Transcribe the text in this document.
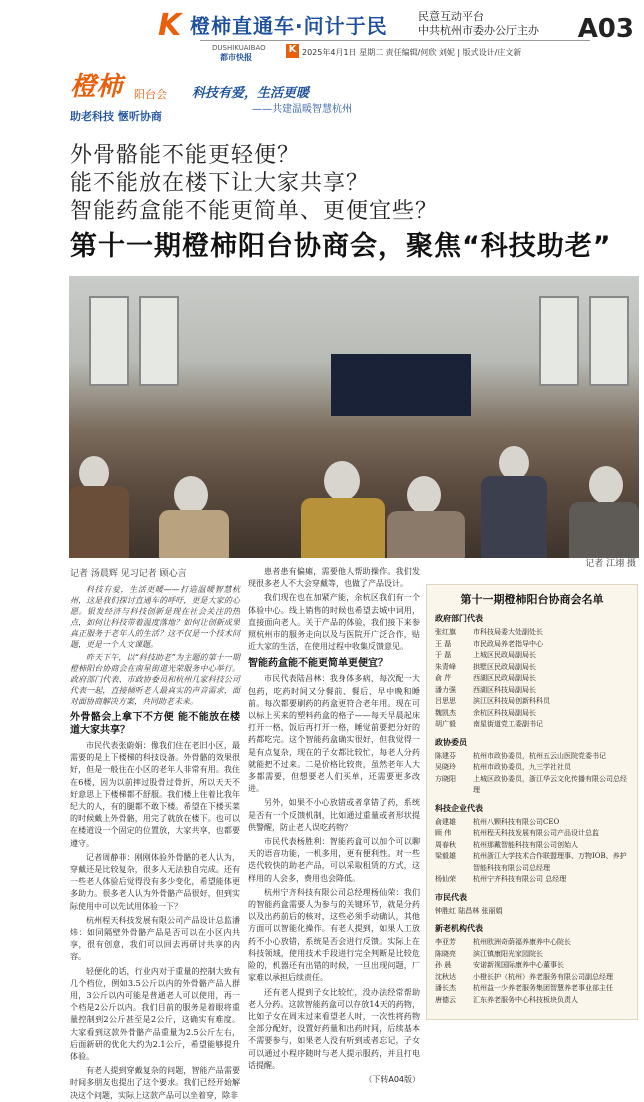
K 橙柿直通车·问计于民	民意互动平台
中共杭州市委办公厅主办 A03
DUSHIKUAIBAO
都市快报
K 2025年4月1日 星期二 责任编辑/何欣 刘妮 | 版式设计/庄文新
橙柿 阳台会
助老科技 愜听协商
科技有爱，生活更暖
——共建温暖智慧杭州
外骨骼能不能更轻便？
能不能放在楼下让大家共享？
智能药盒能不能更简单、更便宜些？
第十一期橙柿阳台协商会，聚焦“科技助老”
记者 汤晨辉 见习记者 顾心言
记者 江翊 摄

科技有爱，生活更暖——打造温暖智慧杭州，这是我们探讨直通车的呼吁，更是大家的心愿。银发经济与科技创新是现在社会关注的热点，如何让科技带着温度落地？如何让创新成果真正服务于老年人的生活？这不仅是一个技术问题，更是一个人文课题。

昨天下午，以“科技助老”为主题的第十一期橙柿阳台协商会在南星街道光荣服务中心举行。政府部门代表、市政协委员和杭州几家科技公司代表一起，直接倾听老人最真实的声音需求，面对面协商解决方案，共同助老未来。

外骨骼会上拿下不方便 能不能放在楼道大家共享？

市民代表张蔚娟：像我们住在老旧小区，最需要的是上下楼梯的科技设备。外骨骼的效果很好，但是一般住在小区的老年人非常有用。我住在6楼，因为以前摔过股骨过骨折，所以天天不好意思上下楼梯都不舒服。我们楼上住着比我年纪大的人，有的腿都不敢下楼。希望在下楼买菜的时候戴上外骨骼，用完了就放在楼下。也可以在楼道设一个固定的位置放，大家共享，也都要遵守。

记者周静菲：刚刚体验外骨骼的老人认为，穿戴还是比较复杂，很多人无法独自完成。还有一些老人体验后觉得没有多少变化，希望能体更多助力。很多老人认为外骨骼产品很好，但到实际使用中可以先试用体验一下？

杭州程天科技发展有限公司产品设计总监潘炜：如同隔壁外骨骼产品是否可以在小区内共享，很有创意，我们可以回去再研讨共享的内容。

轻便化的话，行业内对于重量的控制大致有几个档位，例如3.5公斤以内的外骨骼产品人群用，3公斤以内可能是普通老人可以使用，再一个档是2公斤以内。我们目前的服务是着眼将重量控制到2公斤甚至是2公斤，这确实有难度。大家看到这款外骨骼产品重量为2.5公斤左右，后面新研的优化大约为2.1公斤，希望能够提升体验。

有老人提到穿戴复杂的问题，智能产品需要时间多朋友也提出了这个要求。我们已经开始解决这个问题，实际上这款产品可以坐着穿，除非

患者患有偏瘫，需要他人帮助操作。我们发现很多老人不大会穿戴等，也做了产品设计。

我们现在也在加紧产能，余杭区我们有一个体验中心。线上销售的时候也希望去城中词用，直接面向老人。关于产品的体验，我们接下来参照杭州市的服务走向以及与医院开广泛合作，贴近大家的生活，在使用过程中收集反馈意见。

智能药盒能不能更简单更便宜？

市民代表陆昌林：我身体多病，每次配一大包药，吃药时间又分餐前、餐后、早中晚和睡前。每次都要刷药的药盒更符合老年用。现在可以标上买来的塑料药盒的格子——每天早晨起床打开一格，饭后再打开一格，睡觉前要把分好的药都吃完。这个智能药盒确实很好，但我觉得一是有点复杂，现在的子女都比较忙，每老人分药就能把不过来。二是价格比较贵，虽然老年人大多都需要，但想要老人们买单，还需要更多改进。

另外，如果不小心放错或者拿错了药，系统是否有一个反馈机制，比如通过重量或者形状提供警醒，防止老人误吃药物？

市民代表杨胜利：智能药盒可以加个可以聊天的语音功能，一机多用，更有便利性。对一些迭代较快的助老产品，可以采取租赁的方式，这样用的人会多，费用也会降低。

杭州宁齐科技有限公司总经理杨仙荣：我们的智能药盒需要人为参与的关键环节，就是分药以及出药前后的核对，这些必须手动确认，其他方面可以智能化操作。有老人提到，如果人工放药不小心放错，系统是否会进行反馈。实际上在科技领域，使用技术手段进行完全判断是比较危险的，机器还有出错的时候，一旦出现问题，厂家难以承担后续责任。

还有老人提到子女比较忙，没办法经常帮助老人分药。这款智能药盒可以存放14天的药物，比如子女在周末过来看望老人时，一次性将药物全部分配好，设置好药量和出药时间，后续基本不需要参与，如果老人没有听到或者忘记，子女可以通过小程序随时与老人提示服药，并且打电话提醒。

（下转A04版）
第十一期橙柿阳台协商会名单
政府部门代表
张红旗	市科技局委大处副处长
王 磊	市民政局养老指导中心
于 磊	上城区民政局副局长
朱青峰	拱墅区民政局副局长
俞 芹	西湖区民政局副局长
潘力强	西湖区科技局副局长
吕思思	滨江区科技局创新科科员
魏凯杰	余杭区科技局副局长
胡广毅	南星街道党工委副书记
政协委员
陈建芬	杭州市政协委员，杭州五云山医院党委书记
吴晓玲	杭州市政协委员，九三学社社员
方晓阳	上城区政协委员，浙江华云文化传播有限公司总经理
科技企业代表
俞建雄	杭州八颗科技有限公司CEO
顾 伟	杭州程天科技发展有限公司产品设计总监
周春秋	杭州那戴智能科技有限公司创始人
梁毅雄	杭州浙江大学技术合作联盟理事、万物IOB、养护智能科技有限公司总经理
杨仙荣	杭州宁齐科技有限公司 总经理
市民代表
钟胜红 陆昌林 张丽娟
新老机构代表
李亚芳	杭州欧洲奇荫福养康养中心院长
陈晓亮	滨江镇康阳光家园院长
孙 晨	安诺新视国际康养中心董事长
沈秋达	小橙长护（杭州）养老服务有限公司副总经理
潘长杰	杭州益一少养老服务集团智慧养老事业部主任
唐德云	汇东养老服务中心科技板块负责人
